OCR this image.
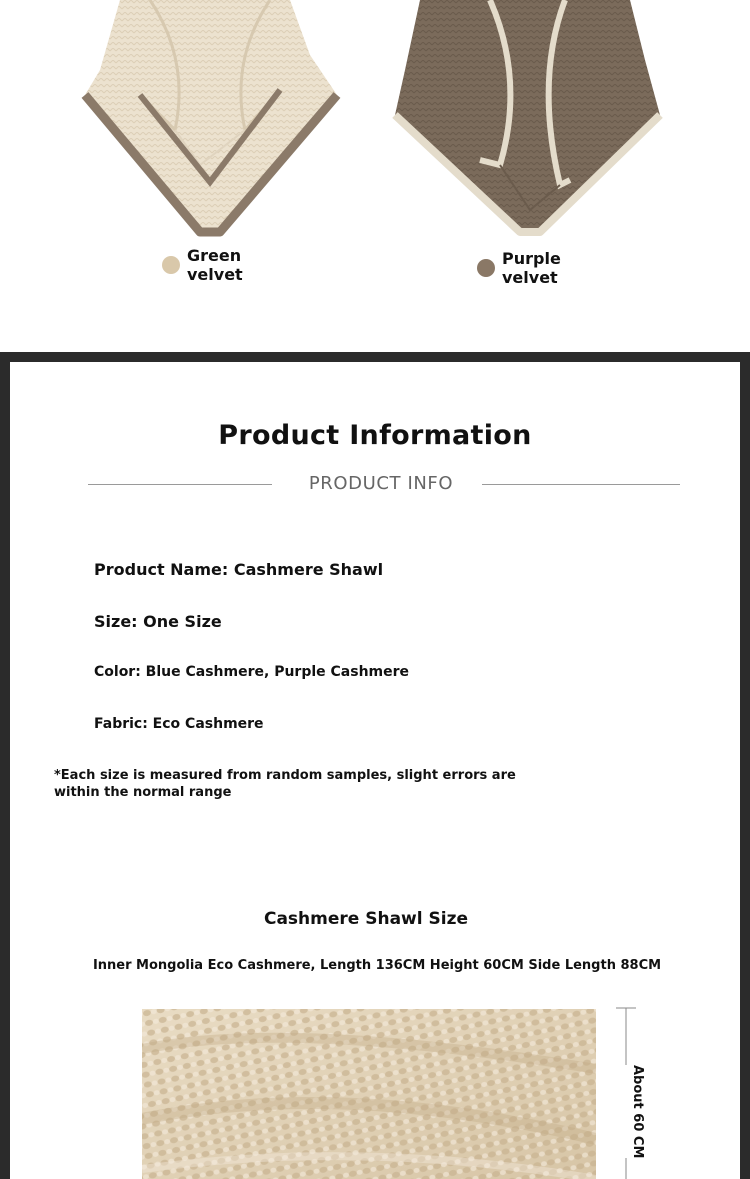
Green velvet
Purple velvet
Product Information
PRODUCT INFO
Product Name: Cashmere Shawl
Size: One Size
Color: Blue Cashmere, Purple Cashmere
Fabric: Eco Cashmere
*Each size is measured from random samples, slight errors are within the normal range
Cashmere Shawl Size
Inner Mongolia Eco Cashmere, Length 136CM Height 60CM Side Length 88CM
About 60 CM
